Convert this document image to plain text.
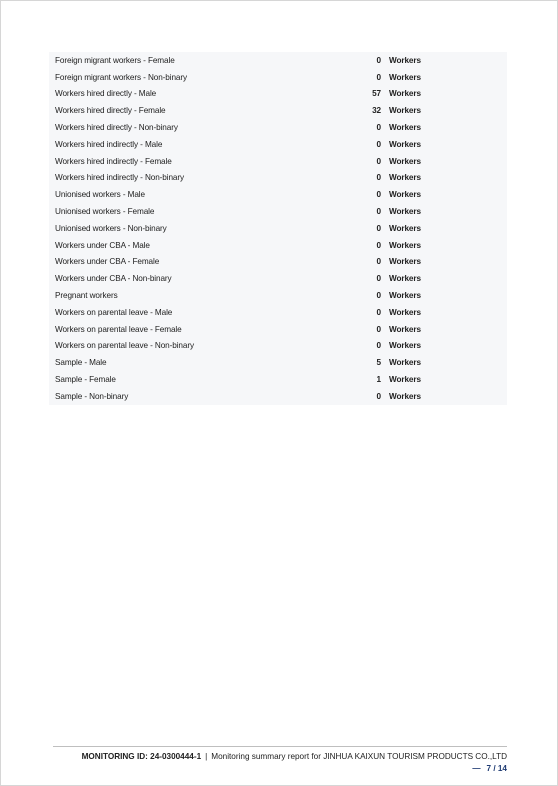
Foreign migrant workers - Female	0 Workers
Foreign migrant workers - Non-binary	0 Workers
Workers hired directly - Male	57 Workers
Workers hired directly - Female	32 Workers
Workers hired directly - Non-binary	0 Workers
Workers hired indirectly - Male	0 Workers
Workers hired indirectly - Female	0 Workers
Workers hired indirectly - Non-binary	0 Workers
Unionised workers - Male	0 Workers
Unionised workers - Female	0 Workers
Unionised workers - Non-binary	0 Workers
Workers under CBA - Male	0 Workers
Workers under CBA - Female	0 Workers
Workers under CBA - Non-binary	0 Workers
Pregnant workers	0 Workers
Workers on parental leave - Male	0 Workers
Workers on parental leave - Female	0 Workers
Workers on parental leave - Non-binary	0 Workers
Sample - Male	5 Workers
Sample - Female	1 Workers
Sample - Non-binary	0 Workers
MONITORING ID: 24-0300444-1 | Monitoring summary report for JINHUA KAIXUN TOURISM PRODUCTS CO.,LTD
— 7 / 14
